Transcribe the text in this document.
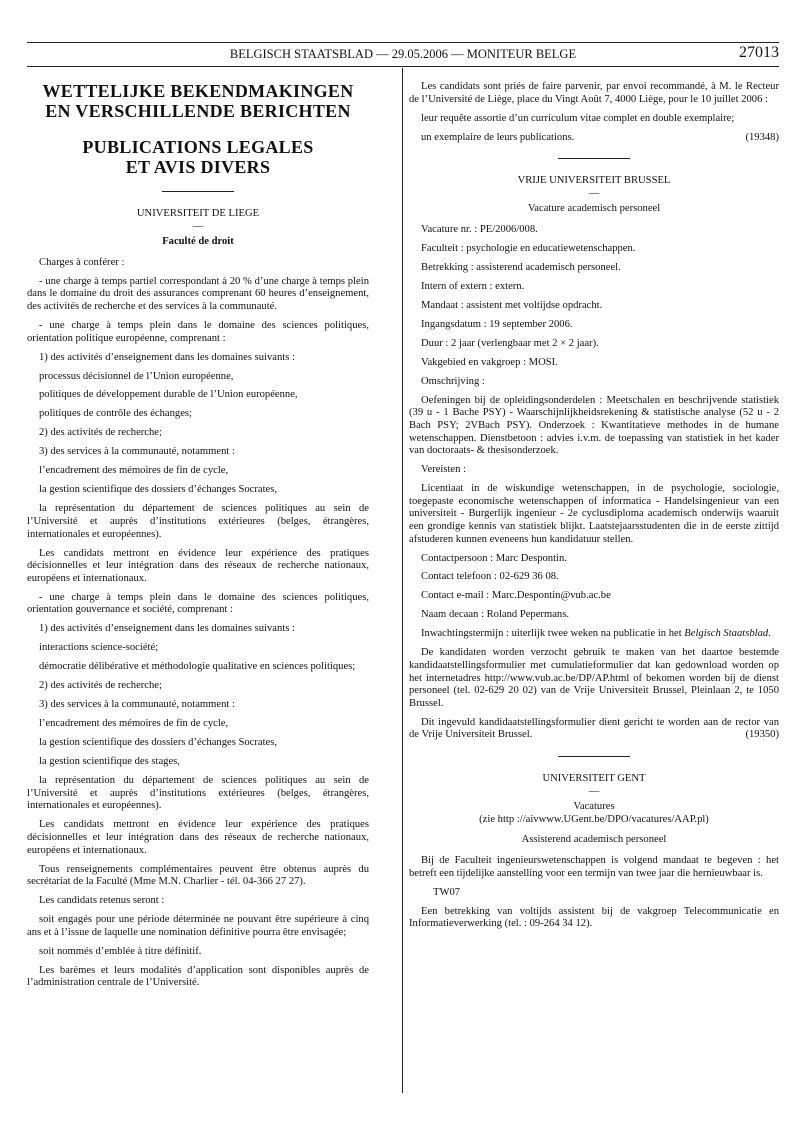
BELGISCH STAATSBLAD — 29.05.2006 — MONITEUR BELGE	27013
WETTELIJKE BEKENDMAKINGEN
EN VERSCHILLENDE BERICHTEN
PUBLICATIONS LEGALES
ET AVIS DIVERS

UNIVERSITEIT DE LIEGE

—

Faculté de droit

Charges à conférer :

- une charge à temps partiel correspondant à 20 % d’une charge à temps plein dans le domaine du droit des assurances comprenant 60 heures d’enseignement, des activités de recherche et des services à la communauté.

- une charge à temps plein dans le domaine des sciences politiques, orientation politique européenne, comprenant :

1) des activités d’enseignement dans les domaines suivants :

processus décisionnel de l’Union européenne,

politiques de développement durable de l’Union européenne,

politiques de contrôle des échanges;

2) des activités de recherche;

3) des services à la communauté, notamment :

l’encadrement des mémoires de fin de cycle,

la gestion scientifique des dossiers d’échanges Socrates,

la représentation du département de sciences politiques au sein de l’Université et auprès d’institutions extérieures (belges, étrangères, internationales et européennes).

Les candidats mettront en évidence leur expérience des pratiques décisionnelles et leur intégration dans des réseaux de recherche nationaux, européens et internationaux.

- une charge à temps plein dans le domaine des sciences politiques, orientation gouvernance et société, comprenant :

1) des activités d’enseignement dans les domaines suivants :

interactions science-société;

démocratie délibérative et méthodologie qualitative en sciences politiques;

2) des activités de recherche;

3) des services à la communauté, notamment :

l’encadrement des mémoires de fin de cycle,

la gestion scientifique des dossiers d’échanges Socrates,

la gestion scientifique des stages,

la représentation du département de sciences politiques au sein de l’Université et auprès d’institutions extérieures (belges, étrangères, internationales et européennes).

Les candidats mettront en évidence leur expérience des pratiques décisionnelles et leur intégration dans des réseaux de recherche nationaux, européens et internationaux.

Tous renseignements complémentaires peuvent être obtenus auprès du secrétariat de la Faculté (Mme M.N. Charlier - tél. 04-366 27 27).

Les candidats retenus seront :

soit engagés pour une période déterminée ne pouvant être supérieure à cinq ans et à l’issue de laquelle une nomination définitive pourra être envisagée;

soit nommés d’emblée à titre définitif.

Les barèmes et leurs modalités d’application sont disponibles auprès de l’administration centrale de l’Université.

Les candidats sont priés de faire parvenir, par envoi recommandé, à M. le Recteur de l’Université de Liège, place du Vingt Août 7, 4000 Liège, pour le 10 juillet 2006 :

leur requête assortie d’un curriculum vitae complet en double exemplaire;

(19348)
un exemplaire de leurs publications.

VRIJE UNIVERSITEIT BRUSSEL

—

Vacature academisch personeel

Vacature nr. : PE/2006/008.

Faculteit : psychologie en educatiewetenschappen.

Betrekking : assisterend academisch personeel.

Intern of extern : extern.

Mandaat : assistent met voltijdse opdracht.

Ingangsdatum : 19 september 2006.

Duur : 2 jaar (verlengbaar met 2 × 2 jaar).

Vakgebied en vakgroep : MOSI.

Omschrijving :

Oefeningen bij de opleidingsonderdelen : Meetschalen en beschrijvende statistiek (39 u - 1 Bache PSY) - Waarschijnlijkheidsrekening & statistische analyse (52 u - 2 Bach PSY; 2VBach PSY). Onderzoek : Kwantitatieve methodes in de humane wetenschappen. Dienstbetoon : advies i.v.m. de toepassing van statistiek in het kader van doctoraats- & thesisonderzoek.

Vereisten :

Licentiaat in de wiskundige wetenschappen, in de psychologie, sociologie, toegepaste economische wetenschappen of informatica - Handelsingenieur van een universiteit - Burgerlijk ingenieur - 2e cyclusdiploma academisch onderwijs waaruit een grondige kennis van statistiek blijkt. Laatstejaarsstudenten die in de eerste zittijd afstuderen kunnen eveneens hun kandidatuur stellen.

Contactpersoon : Marc Despontin.

Contact telefoon : 02-629 36 08.

Contact e-mail : Marc.Despontin@vub.ac.be

Naam decaan : Roland Pepermans.

Inwachtingstermijn : uiterlijk twee weken na publicatie in het Belgisch Staatsblad.

De kandidaten worden verzocht gebruik te maken van het daartoe bestemde kandidaatstellingsformulier met cumulatieformulier dat kan gedownload worden op het internetadres http://www.vub.ac.be/DP/AP.html of bekomen worden bij de dienst personeel (tel. 02-629 20 02) van de Vrije Universiteit Brussel, Pleinlaan 2, te 1050 Brussel.

Dit ingevuld kandidaatstellingsformulier dient gericht te worden aan de rector van de Vrije Universiteit Brussel.	(19350)

UNIVERSITEIT GENT

—

Vacatures

(zie http ://aivwww.UGent.be/DPO/vacatures/AAP.pl)

Assisterend academisch personeel

Bij de Faculteit ingenieurswetenschappen is volgend mandaat te begeven : het betreft een tijdelijke aanstelling voor een termijn van twee jaar die hernieuwbaar is.

TW07

Een betrekking van voltijds assistent bij de vakgroep Telecommunicatie en Informatieverwerking (tel. : 09-264 34 12).
